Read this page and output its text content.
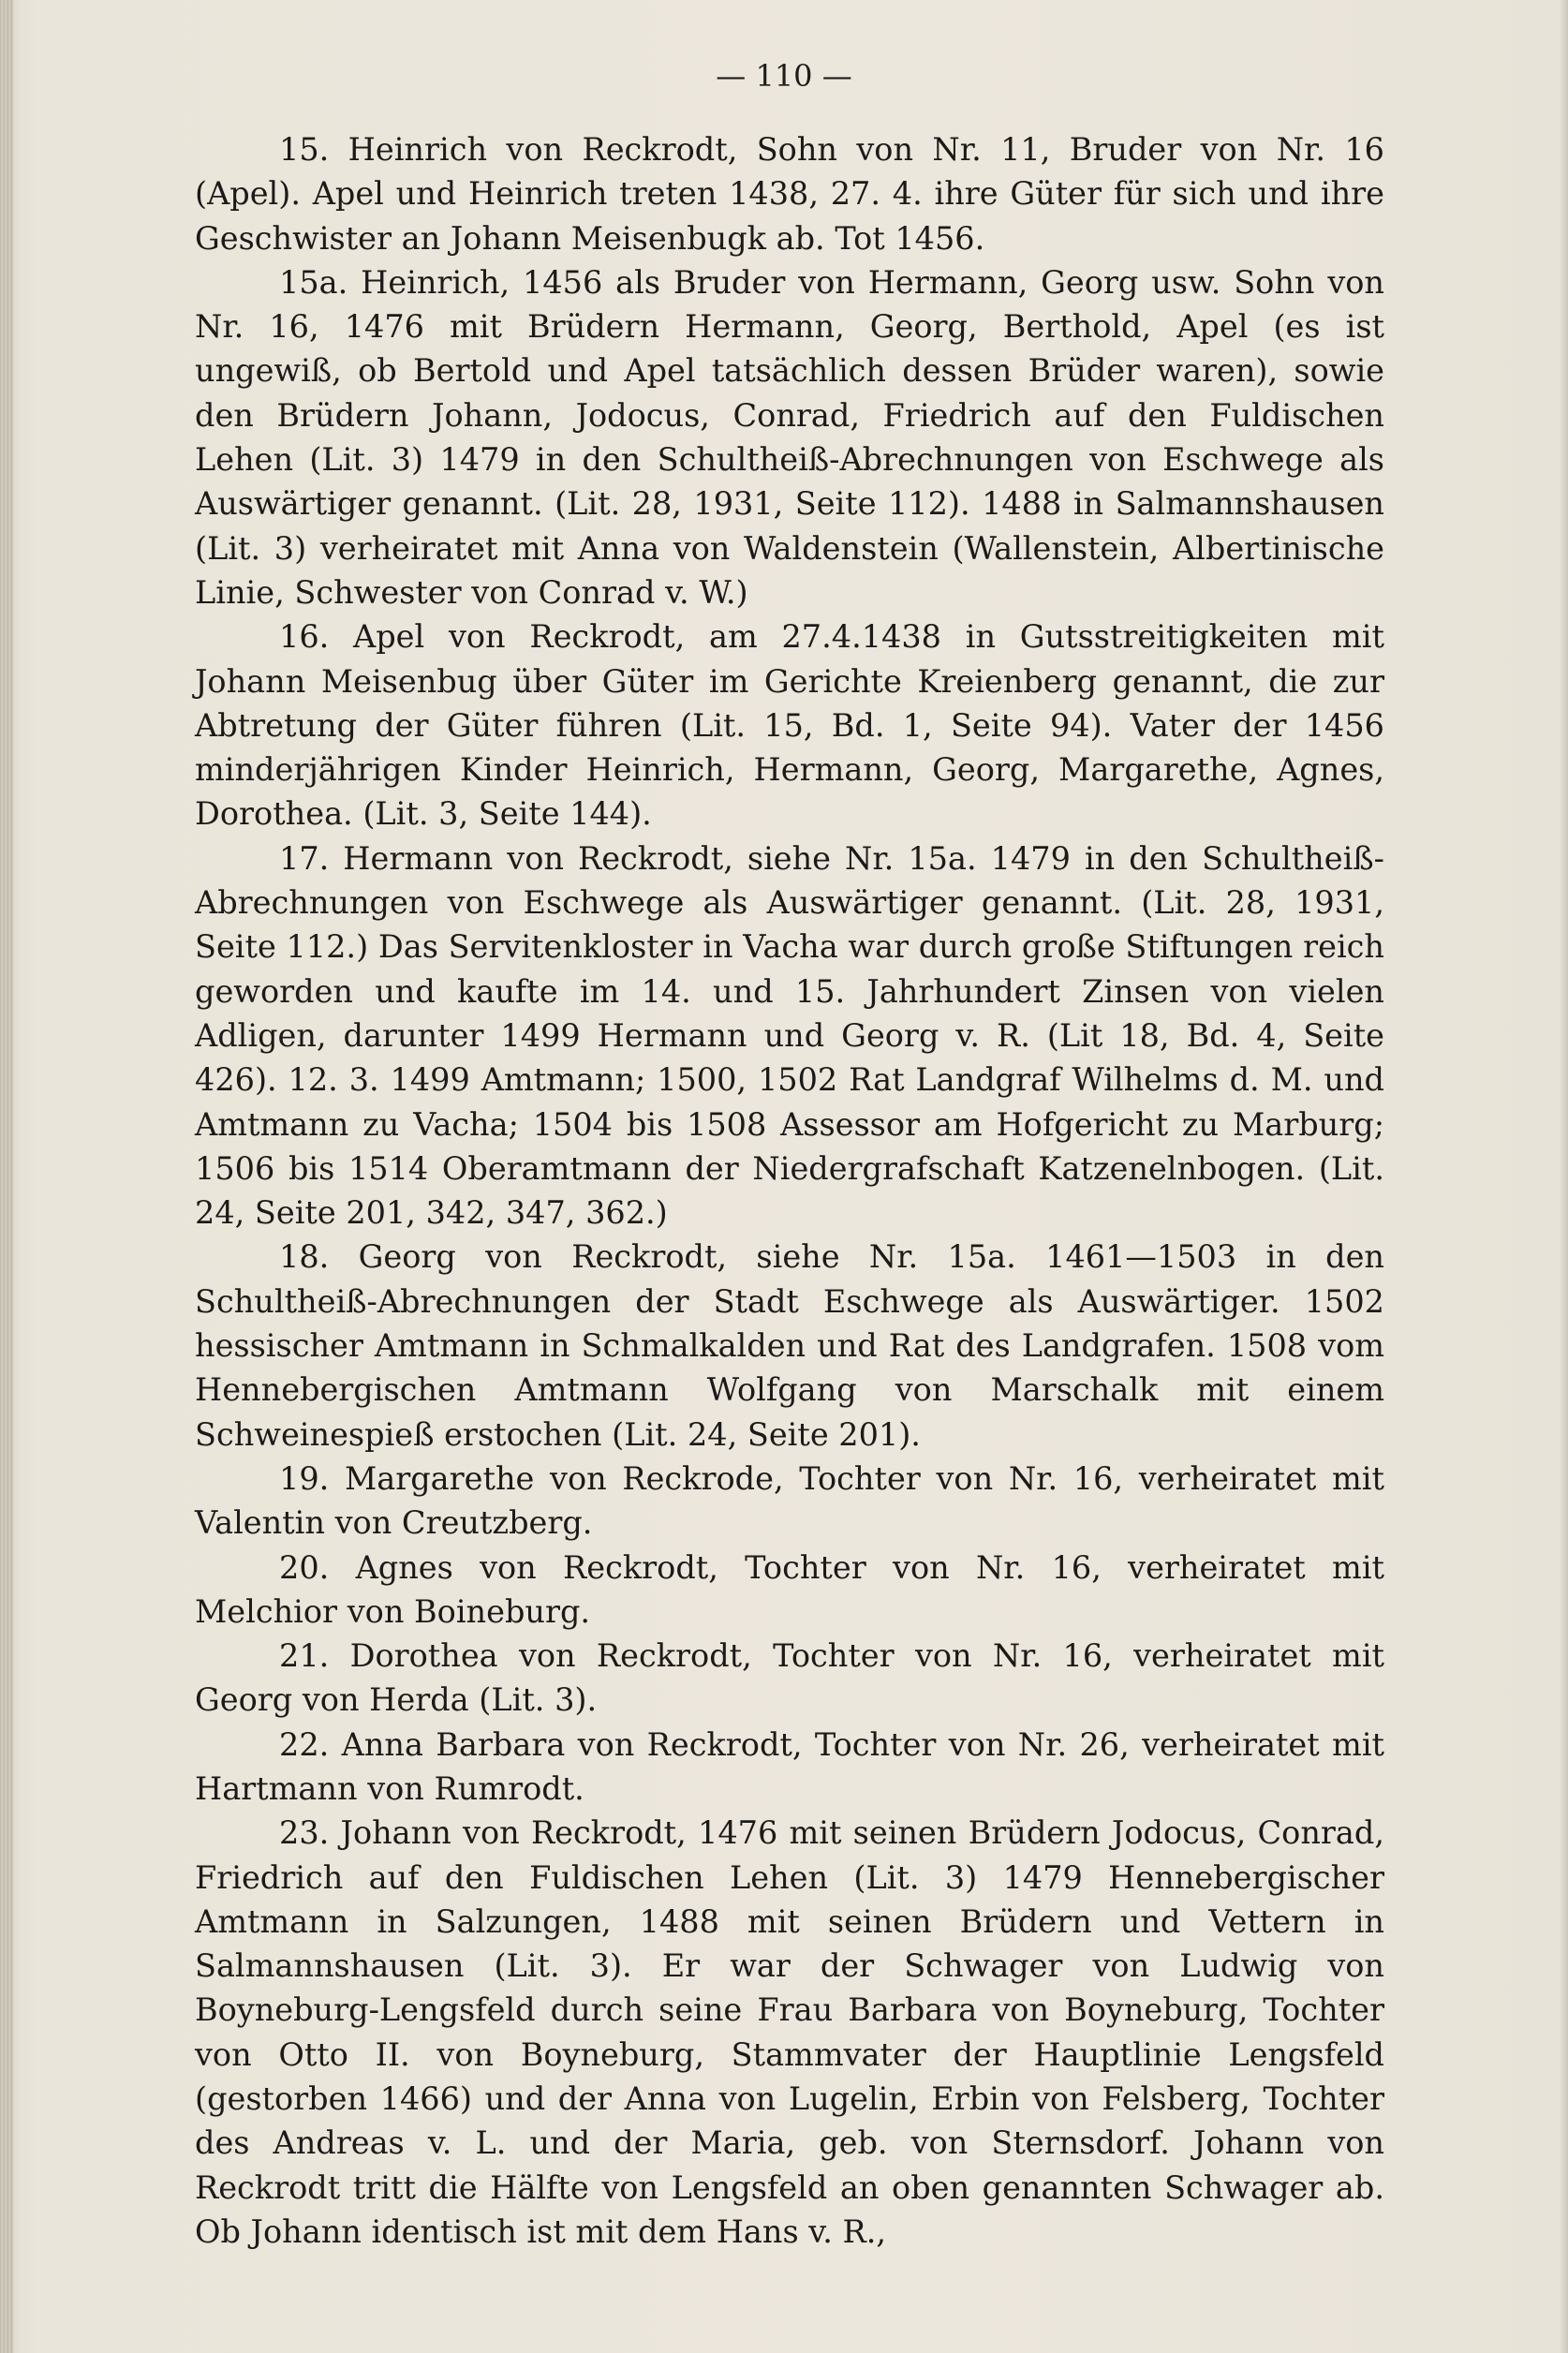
— 110 —

15. Heinrich von Reckrodt, Sohn von Nr. 11, Bruder von Nr. 16 (Apel). Apel und Heinrich treten 1438, 27. 4. ihre Güter für sich und ihre Geschwister an Johann Meisenbugk ab. Tot 1456.

15a. Heinrich, 1456 als Bruder von Hermann, Georg usw. Sohn von Nr. 16, 1476 mit Brüdern Hermann, Georg, Berthold, Apel (es ist ungewiß, ob Bertold und Apel tatsächlich dessen Brüder waren), sowie den Brüdern Johann, Jodocus, Conrad, Friedrich auf den Fuldischen Lehen (Lit. 3) 1479 in den Schultheiß-Abrechnungen von Eschwege als Auswärtiger genannt. (Lit. 28, 1931, Seite 112). 1488 in Salmannshausen (Lit. 3) verheiratet mit Anna von Waldenstein (Wallenstein, Albertinische Linie, Schwester von Conrad v. W.)

16. Apel von Reckrodt, am 27.4.1438 in Gutsstreitigkeiten mit Johann Meisenbug über Güter im Gerichte Kreienberg genannt, die zur Abtretung der Güter führen (Lit. 15, Bd. 1, Seite 94). Vater der 1456 minderjährigen Kinder Heinrich, Hermann, Georg, Margarethe, Agnes, Dorothea. (Lit. 3, Seite 144).

17. Hermann von Reckrodt, siehe Nr. 15a. 1479 in den Schultheiß-Abrechnungen von Eschwege als Auswärtiger genannt. (Lit. 28, 1931, Seite 112.) Das Servitenkloster in Vacha war durch große Stiftungen reich geworden und kaufte im 14. und 15. Jahrhundert Zinsen von vielen Adligen, darunter 1499 Hermann und Georg v. R. (Lit 18, Bd. 4, Seite 426). 12. 3. 1499 Amtmann; 1500, 1502 Rat Landgraf Wilhelms d. M. und Amtmann zu Vacha; 1504 bis 1508 Assessor am Hofgericht zu Marburg; 1506 bis 1514 Oberamtmann der Niedergrafschaft Katzenelnbogen. (Lit. 24, Seite 201, 342, 347, 362.)

18. Georg von Reckrodt, siehe Nr. 15a. 1461—1503 in den Schultheiß-Abrechnungen der Stadt Eschwege als Auswärtiger. 1502 hessischer Amtmann in Schmalkalden und Rat des Landgrafen. 1508 vom Hennebergischen Amtmann Wolfgang von Marschalk mit einem Schweinespieß erstochen (Lit. 24, Seite 201).

19. Margarethe von Reckrode, Tochter von Nr. 16, verheiratet mit Valentin von Creutzberg.

20. Agnes von Reckrodt, Tochter von Nr. 16, verheiratet mit Melchior von Boineburg.

21. Dorothea von Reckrodt, Tochter von Nr. 16, verheiratet mit Georg von Herda (Lit. 3).

22. Anna Barbara von Reckrodt, Tochter von Nr. 26, verheiratet mit Hartmann von Rumrodt.

23. Johann von Reckrodt, 1476 mit seinen Brüdern Jodocus, Conrad, Friedrich auf den Fuldischen Lehen (Lit. 3) 1479 Hennebergischer Amtmann in Salzungen, 1488 mit seinen Brüdern und Vettern in Salmannshausen (Lit. 3). Er war der Schwager von Ludwig von Boyneburg-Lengsfeld durch seine Frau Barbara von Boyneburg, Tochter von Otto II. von Boyneburg, Stammvater der Hauptlinie Lengsfeld (gestorben 1466) und der Anna von Lugelin, Erbin von Felsberg, Tochter des Andreas v. L. und der Maria, geb. von Sternsdorf. Johann von Reckrodt tritt die Hälfte von Lengsfeld an oben genannten Schwager ab. Ob Johann identisch ist mit dem Hans v. R.,
